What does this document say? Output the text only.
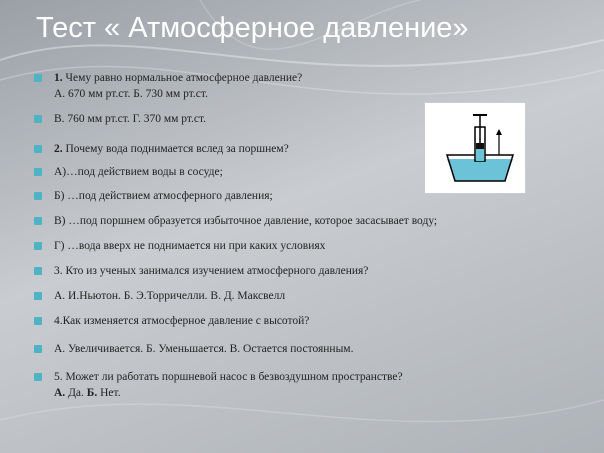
Тест « Атмосферное давление»
1. Чему равно нормальное атмосферное давление?
А. 670 мм рт.ст. Б. 730 мм рт.ст.
В. 760 мм рт.ст. Г. 370 мм рт.ст.
2. Почему вода поднимается вслед за поршнем?
А)…под действием воды в сосуде;
Б) …под действием атмосферного давления;
В) …под поршнем образуется избыточное давление, которое засасывает воду;
Г) …вода вверх не поднимается ни при каких условиях
3. Кто из ученых занимался изучением атмосферного давления?
А. И.Ньютон. Б. Э.Торричелли. В. Д. Максвелл
4.Как изменяется атмосферное давление с высотой?
А. Увеличивается. Б. Уменьшается. В. Остается постоянным.
5. Может ли работать поршневой насос в безвоздушном пространстве?
А. Да. Б. Нет.
